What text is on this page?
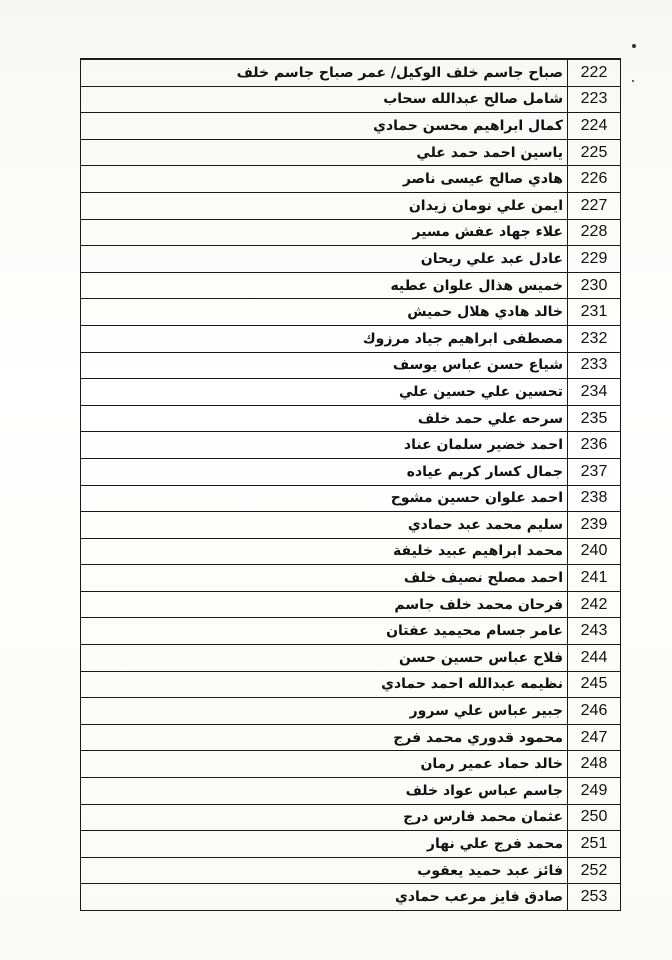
صباح جاسم خلف الوكيل/ عمر صباح جاسم خلف	222
شامل صالح عبدالله سحاب	223
كمال ابراهيم محسن حمادي	224
ياسين احمد حمد علي	225
هادي صالح عيسى ناصر	226
ايمن علي نومان زيدان	227
علاء جهاد عفش مسير	228
عادل عبد علي ريحان	229
خميس هذال علوان عطيه	230
خالد هادي هلال حميش	231
مصطفى ابراهيم جياد مرزوك	232
شياع حسن عباس يوسف	233
تحسين علي حسين علي	234
سرحه علي حمد خلف	235
احمد خضير سلمان عناد	236
جمال كسار كريم عياده	237
احمد علوان حسين مشوح	238
سليم محمد عبد حمادي	239
محمد ابراهيم عبيد خليفة	240
احمد مصلح نصيف خلف	241
فرحان محمد خلف جاسم	242
عامر جسام محيميد عفتان	243
فلاح عباس حسين حسن	244
نظيمه عبدالله احمد حمادي	245
جبير عباس علي سرور	246
محمود قدوري محمد فرج	247
خالد حماد عمير رمان	248
جاسم عباس عواد خلف	249
عثمان محمد فارس درج	250
محمد فرج علي نهار	251
فائز عبد حميد يعقوب	252
صادق فايز مرعب حمادي	253
